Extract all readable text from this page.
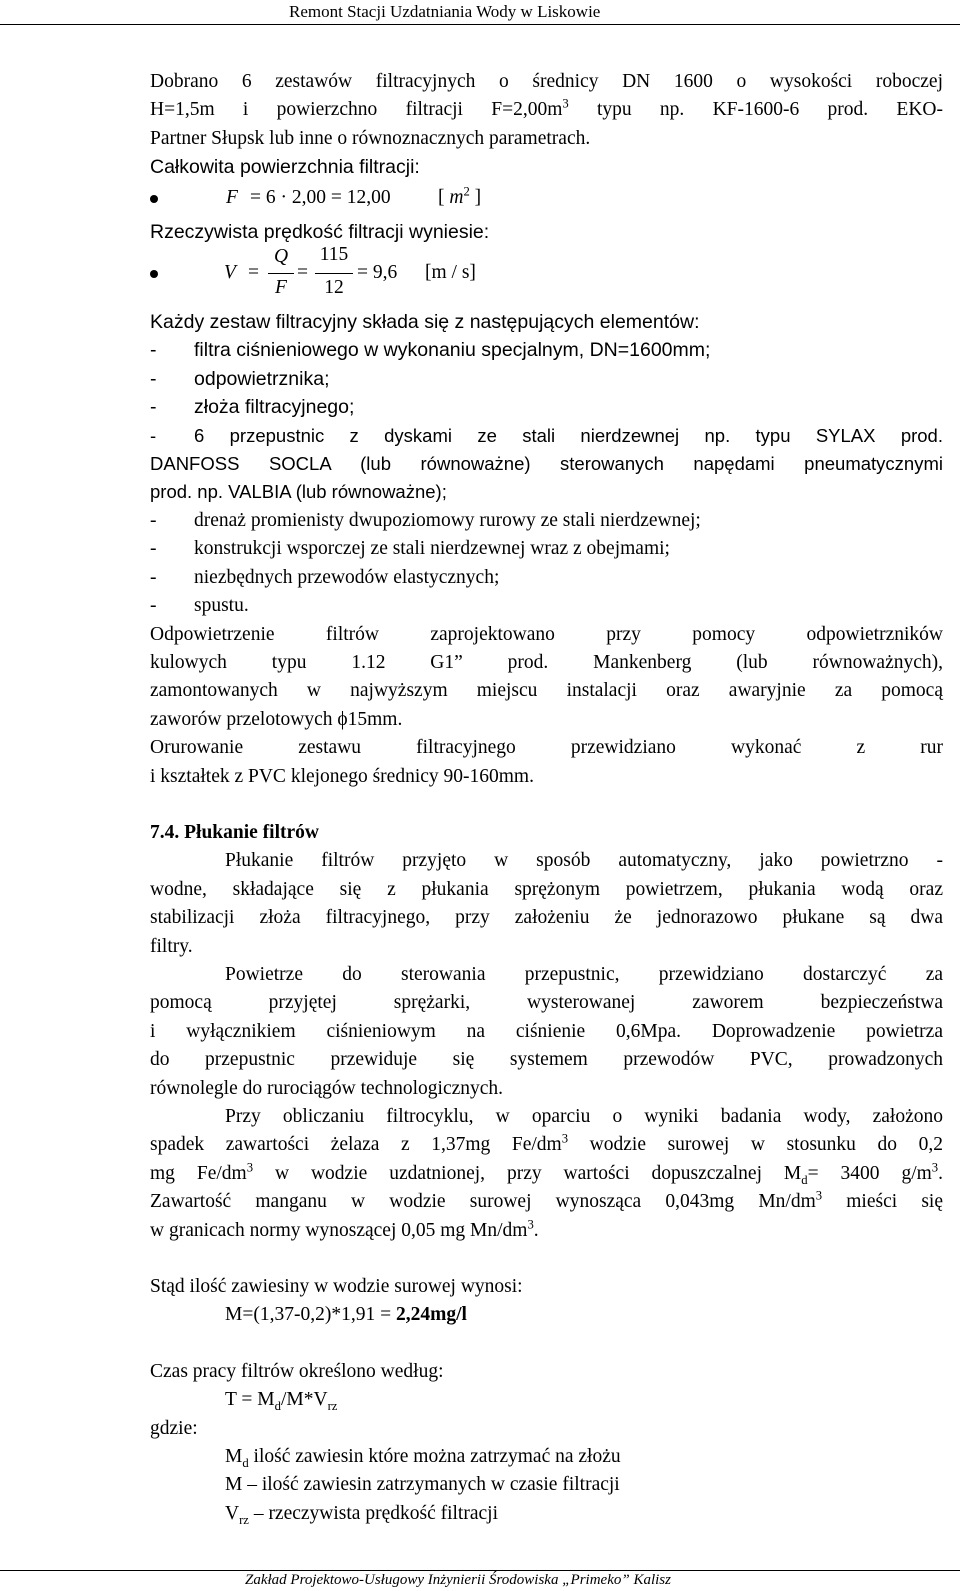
Remont Stacji Uzdatniania Wody w Liskowie

Dobrano 6 zestawów filtracyjnych o średnicy DN 1600 o wysokości roboczej

H=1,5m i powierzchno filtracji $F=2,00m^3$ typu np. KF-1600-6 prod. EKO-

Partner Słupsk lub inne o równoznacznych parametrach.

Całkowita powierzchnia filtracji:

F = 6 · 2,00 = 12,00 [ $m^2$ ]

Rzeczywista prędkość filtracji wyniesie:

V =
Q
F
=
115
12
= 9,6 [m / s]

Każdy zestaw filtracyjny składa się z następujących elementów:

- filtra ciśnieniowego w wykonaniu specjalnym, DN=1600mm;
- odpowietrznika;
- złoża filtracyjnego;
- 6 przepustnic z dyskami ze stali nierdzewnej np. typu SYLAX prod.

DANFOSS SOCLA (lub równoważne) sterowanych napędami pneumatycznymi

prod. np. VALBIA (lub równoważne);

- drenaż promienisty dwupoziomowy rurowy ze stali nierdzewnej;
- konstrukcji wsporczej ze stali nierdzewnej wraz z obejmami;
- niezbędnych przewodów elastycznych;
- spustu.

Odpowietrzenie filtrów zaprojektowano przy pomocy odpowietrzników

kulowych typu 1.12 G1” prod. Mankenberg (lub równoważnych),

zamontowanych w najwyższym miejscu instalacji oraz awaryjnie za pomocą

zaworów przelotowych ϕ15mm.

Orurowanie zestawu filtracyjnego przewidziano wykonać z rur

i kształtek z PVC klejonego średnicy 90-160mm.

7.4. Płukanie filtrów

Płukanie filtrów przyjęto w sposób automatyczny, jako powietrzno -

wodne, składające się z płukania sprężonym powietrzem, płukania wodą oraz

stabilizacji złoża filtracyjnego, przy założeniu że jednorazowo płukane są dwa

filtry.

Powietrze do sterowania przepustnic, przewidziano dostarczyć za

pomocą przyjętej sprężarki, wysterowanej zaworem bezpieczeństwa

i wyłącznikiem ciśnieniowym na ciśnienie 0,6Mpa. Doprowadzenie powietrza

do przepustnic przewiduje się systemem przewodów PVC, prowadzonych

równolegle do rurociągów technologicznych.

Przy obliczaniu filtrocyklu, w oparciu o wyniki badania wody, założono

spadek zawartości żelaza z 1,37mg $Fe/dm^3$ wodzie surowej w stosunku do 0,2

mg $Fe/dm^3$ w wodzie uzdatnionej, przy wartości dopuszczalnej $M_d= 3400$ $g/m^3$.

Zawartość manganu w wodzie surowej wynosząca 0,043mg $Mn/dm^3$ mieści się

w granicach normy wynoszącej 0,05 mg $Mn/dm^3$.

Stąd ilość zawiesiny w wodzie surowej wynosi:

M=(1,37-0,2)*1,91 = 2,24mg/l

Czas pracy filtrów określono według:

$T = M_d/M*V_{rz}$

gdzie:

$M_d$ ilość zawiesin które można zatrzymać na złożu

M – ilość zawiesin zatrzymanych w czasie filtracji

$V_{rz}$ – rzeczywista prędkość filtracji

Zakład Projektowo-Usługowy Inżynierii Środowiska „Primeko” Kalisz
